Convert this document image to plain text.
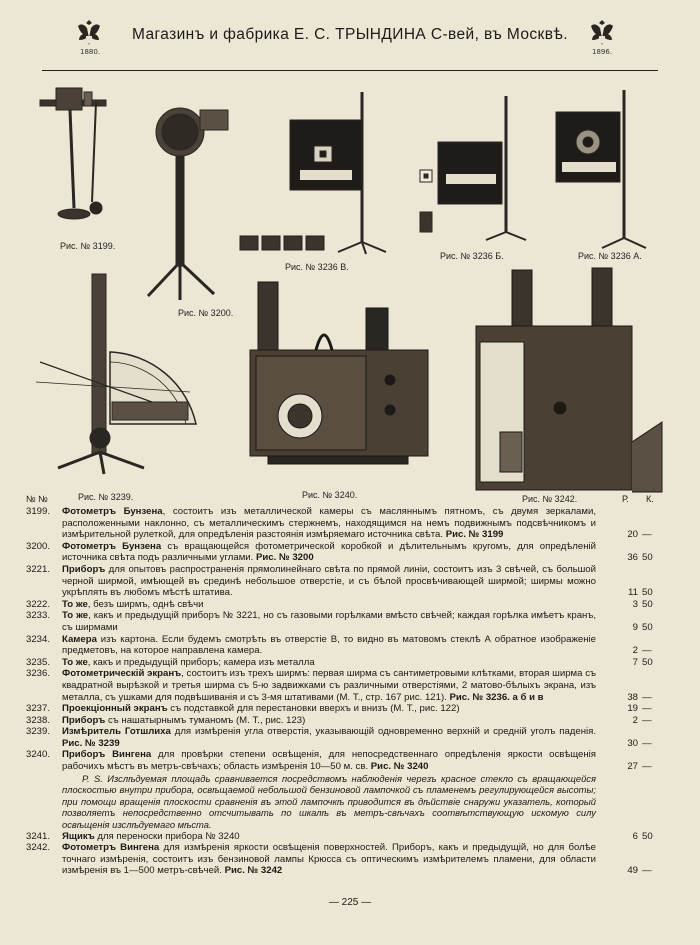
1880.
Магазинъ и фабрика Е. С. ТРЫНДИНА С-вей, въ Москвѣ.
1896.
Рис. № 3199.
Рис. № 3200.
Рис. № 3236 В.
Рис. № 3236 Б.	Рис. № 3236 А.
Рис. № 3239.	Рис. № 3240.	Рис. № 3242.
№ №	Р. К.
3199. Фотометръ Бунзена, состоитъ изъ металлической камеры съ масляннымъ пятномъ, съ двумя зеркалами, расположенными наклонно, съ металлическимъ стержнемъ, находящимся на немъ подвижнымъ подсвѣчникомъ и измѣрительной рулеткой, для опредѣленія разстоянія измѣряемаго источника свѣта. Рис. № 3199	20 —
3200. Фотометръ Бунзена съ вращающейся фотометрической коробкой и дѣлительнымъ кругомъ, для опредѣленій источника свѣта подъ различными углами. Рис. № 3200	36 50
3221. Приборъ для опытовъ распространенія прямолинейнаго свѣта по прямой линіи, состоитъ изъ 3 свѣчей, съ большой черной ширмой, имѣющей въ срединѣ небольшое отверстіе, и съ бѣлой просвѣчивающей ширмой; ширмы можно укрѣплять въ любомъ мѣстѣ штатива.	11 50
3222. То же, безъ ширмъ, однѣ свѣчи	3 50
3233. То же, какъ и предыдущій приборъ № 3221, но съ газовыми горѣлками вмѣсто свѣчей; каждая горѣлка имѣетъ кранъ, съ ширмами	9 50
3234. Камера изъ картона. Если будемъ смотрѣть въ отверстіе В, то видно въ матовомъ стеклѣ А обратное изображеніе предметовъ, на которое направлена камера.	2 —
3235. То же, какъ и предыдущій приборъ; камера изъ металла	7 50
3236. Фотометрическій экранъ, состоитъ изъ трехъ ширмъ: первая ширма съ сантиметровыми клѣтками, вторая ширма съ квадратной вырѣзкой и третья ширма съ 5-ю задвижками съ различными отверстіями, 2 матово-бѣлыхъ экрана, изъ металла, съ ушками для подвѣшиванія и съ 3-мя штативами (М. Т., стр. 167 рис. 121). Рис. № 3236. а б и в	38 —
3237. Проекціонный экранъ съ подставкой для перестановки вверхъ и внизъ (М. Т., рис. 122)	19 —
3238. Приборъ съ нашатырнымъ туманомъ (М. Т., рис. 123)	2 —
3239. Измѣритель Готшлиха для измѣренія угла отверстія, указывающій одновременно верхній и средній уголъ паденія. Рис. № 3239	30 —
3240. Приборъ Вингена для провѣрки степени освѣщенія, для непосредственнаго опредѣленія яркости освѣщенія рабочихъ мѣстъ въ метръ-свѣчахъ; область измѣренія 10—50 м. св. Рис. № 3240	27 —
P. S. Изслѣдуемая площадь сравнивается посредствомъ наблюденія черезъ красное стекло съ вращающейся плоскостью внутри прибора, освѣщаемой небольшой бензиновой лампочкой съ пламенемъ регулирующейся высоты; при помощи вращенія плоскости сравненія въ этой лампочкѣ приводится въ дѣйствіе снаружи указатель, который позволяетъ непосредственно отсчитывать по шкалѣ въ метръ-свѣчахъ соотвѣтствующую искомую силу освѣщенія изслѣдуемаго мѣста.
3241. Ящикъ для переноски прибора № 3240	6 50
3242. Фотометръ Вингена для измѣренія яркости освѣщенія поверхностей. Приборъ, какъ и предыдущій, но для болѣе точнаго измѣренія, состоитъ изъ бензиновой лампы Крюсса съ оптическимъ измѣрителемъ пламени, для области измѣренія въ 1—500 метръ-свѣчей. Рис. № 3242	49 —
— 225 —
